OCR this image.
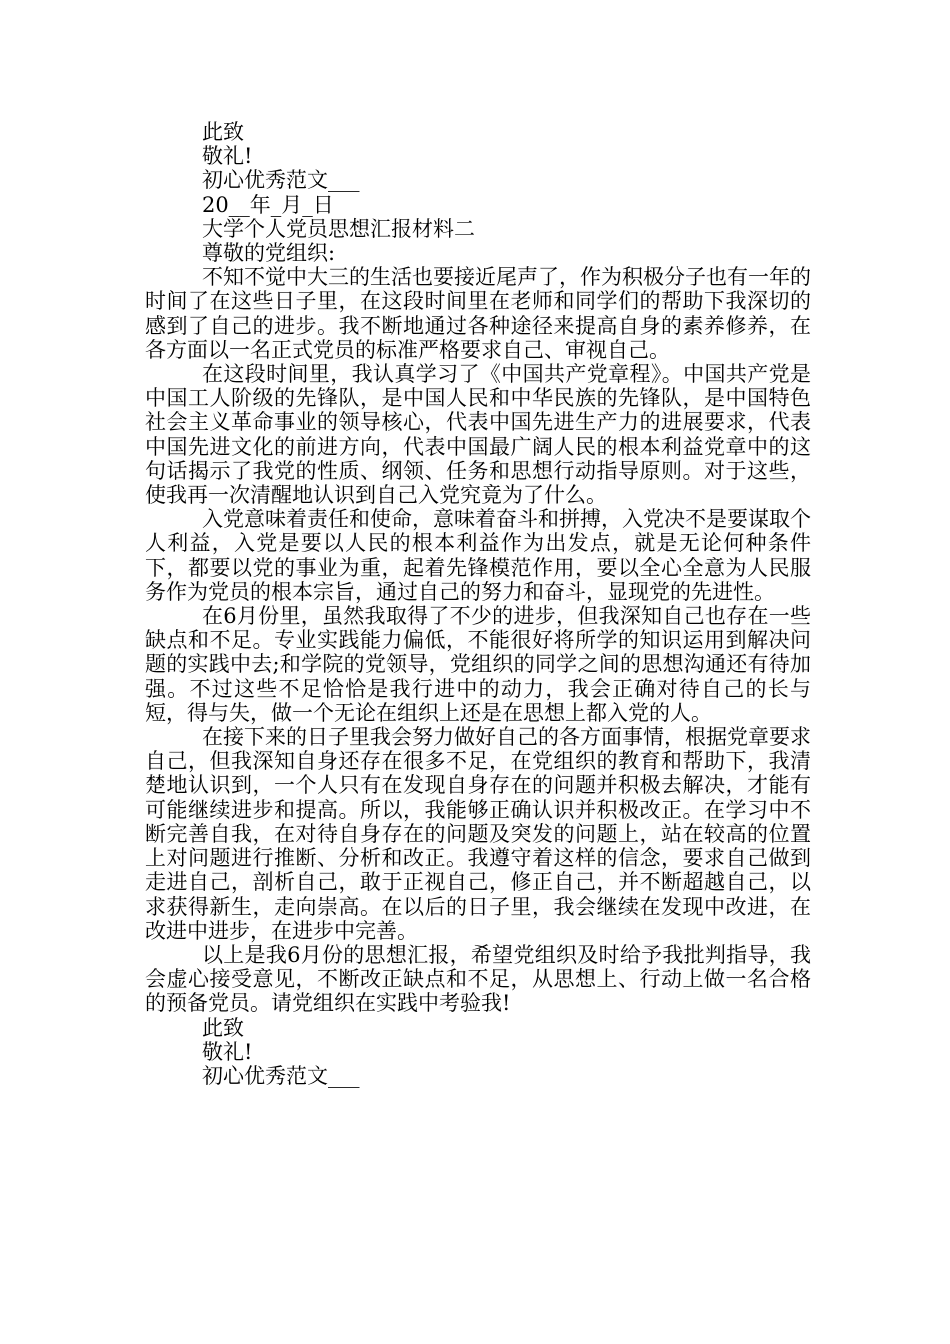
此致
敬礼!
初心优秀范文___
20__年_月_日
大学个人党员思想汇报材料二
尊敬的党组织:

不知不觉中大三的生活也要接近尾声了，作为积极分子也有一年的时间了在这些日子里，在这段时间里在老师和同学们的帮助下我深切的感到了自己的进步。我不断地通过各种途径来提高自身的素养修养，在各方面以一名正式党员的标准严格要求自己、审视自己。

在这段时间里，我认真学习了《中国共产党章程》。中国共产党是中国工人阶级的先锋队，是中国人民和中华民族的先锋队，是中国特色社会主义革命事业的领导核心，代表中国先进生产力的进展要求，代表中国先进文化的前进方向，代表中国最广阔人民的根本利益党章中的这句话揭示了我党的性质、纲领、任务和思想行动指导原则。对于这些，使我再一次清醒地认识到自己入党究竟为了什么。

入党意味着责任和使命，意味着奋斗和拼搏，入党决不是要谋取个人利益，入党是要以人民的根本利益作为出发点，就是无论何种条件下，都要以党的事业为重，起着先锋模范作用，要以全心全意为人民服务作为党员的根本宗旨，通过自己的努力和奋斗，显现党的先进性。

在6月份里，虽然我取得了不少的进步，但我深知自己也存在一些缺点和不足。专业实践能力偏低，不能很好将所学的知识运用到解决问题的实践中去;和学院的党领导，党组织的同学之间的思想沟通还有待加强。不过这些不足恰恰是我行进中的动力，我会正确对待自己的长与短，得与失，做一个无论在组织上还是在思想上都入党的人。

在接下来的日子里我会努力做好自己的各方面事情，根据党章要求自己，但我深知自身还存在很多不足，在党组织的教育和帮助下，我清楚地认识到，一个人只有在发现自身存在的问题并积极去解决，才能有可能继续进步和提高。所以，我能够正确认识并积极改正。在学习中不断完善自我，在对待自身存在的问题及突发的问题上，站在较高的位置上对问题进行推断、分析和改正。我遵守着这样的信念，要求自己做到走进自己，剖析自己，敢于正视自己，修正自己，并不断超越自己，以求获得新生，走向崇高。在以后的日子里，我会继续在发现中改进，在改进中进步，在进步中完善。

以上是我6月份的思想汇报，希望党组织及时给予我批判指导，我会虚心接受意见，不断改正缺点和不足，从思想上、行动上做一名合格的预备党员。请党组织在实践中考验我!

此致
敬礼!
初心优秀范文___
